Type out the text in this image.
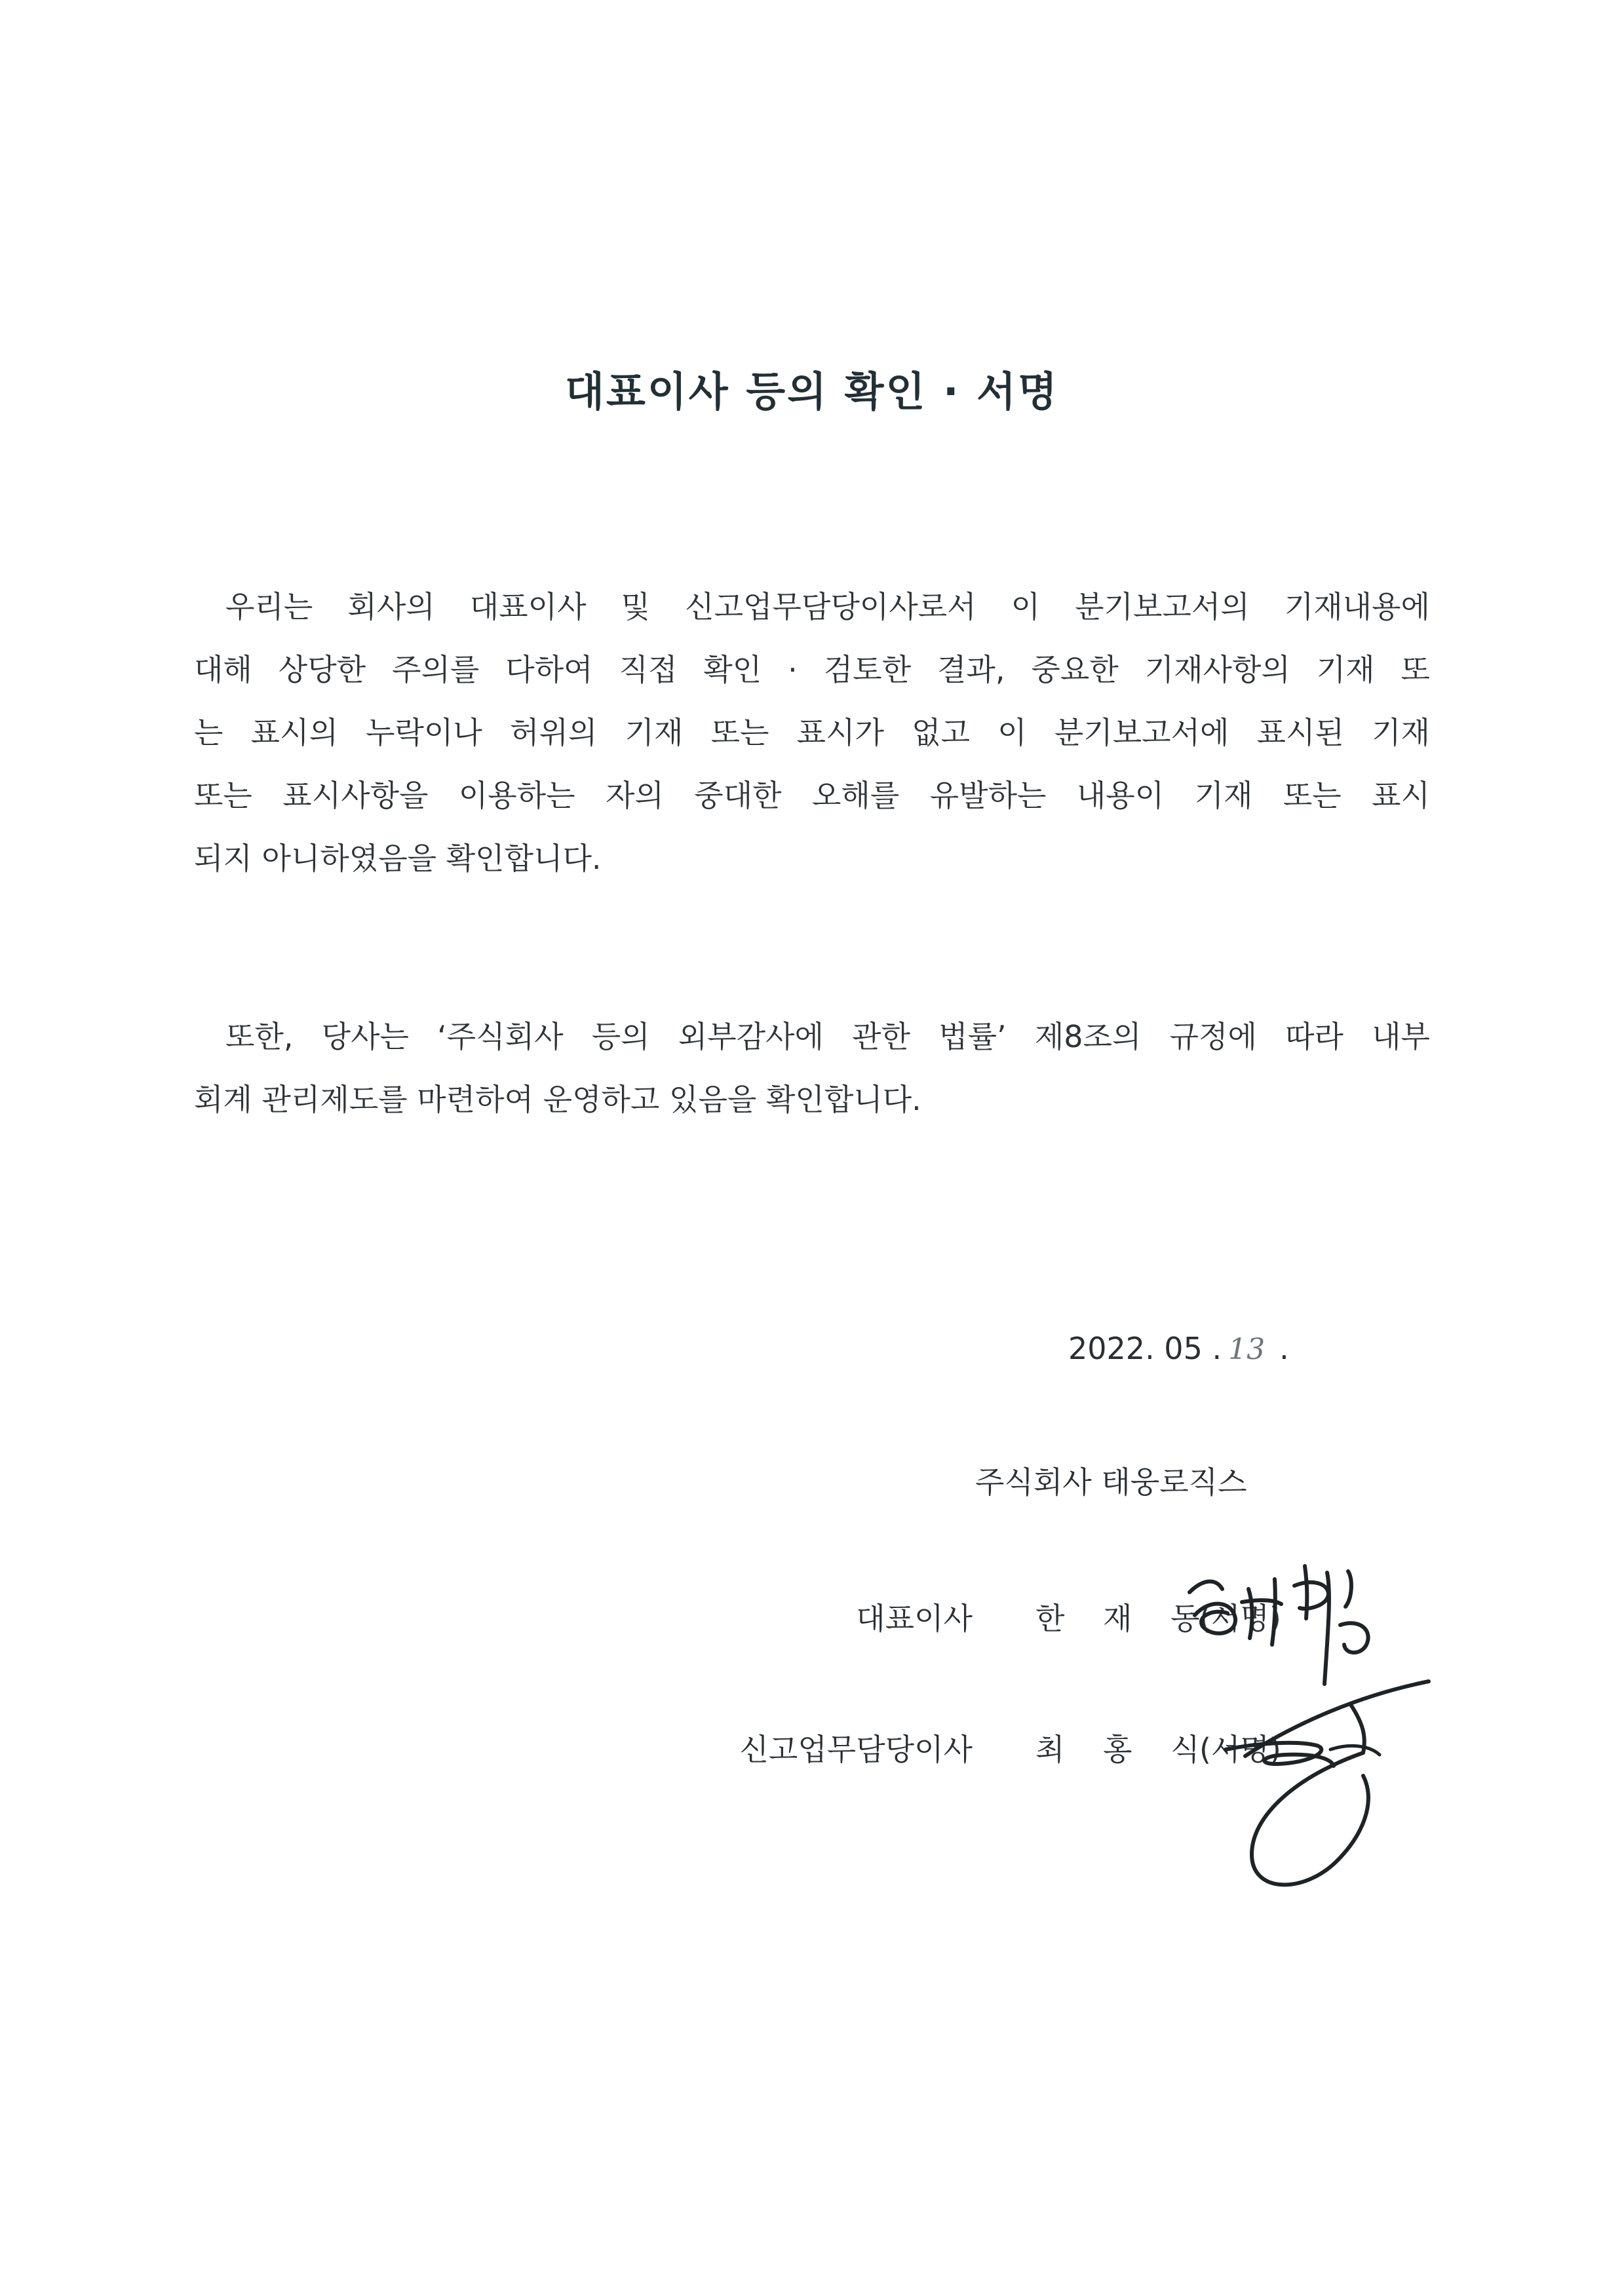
대표이사 등의 확인 · 서명
우리는 회사의 대표이사 및 신고업무담당이사로서 이 분기보고서의 기재내용에
대해 상당한 주의를 다하여 직접 확인 · 검토한 결과, 중요한 기재사항의 기재 또
는 표시의 누락이나 허위의 기재 또는 표시가 없고 이 분기보고서에 표시된 기재
또는 표시사항을 이용하는 자의 중대한 오해를 유발하는 내용이 기재 또는 표시
되지 아니하였음을 확인합니다.
또한, 당사는 ‘주식회사 등의 외부감사에 관한 법률’ 제8조의 규정에 따라 내부
회계 관리제도를 마련하여 운영하고 있음을 확인합니다.
2022. 05 . 13 .
주식회사 태웅로직스
대표이사 한 재 동
(서명)
신고업무담당이사 최 홍 식
(서명)
